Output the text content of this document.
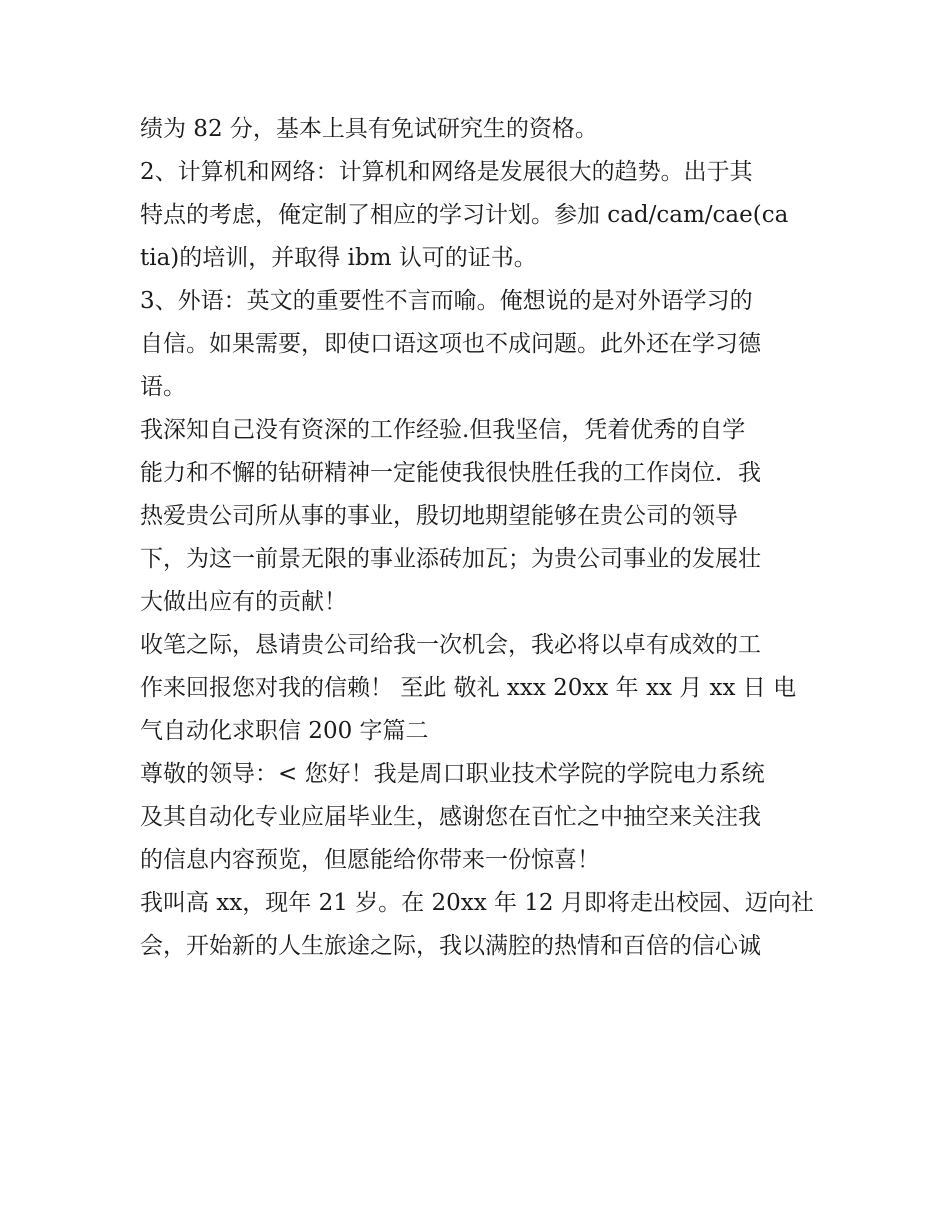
绩为 82 分，基本上具有免试研究生的资格。
2、计算机和网络：计算机和网络是发展很大的趋势。出于其
特点的考虑，俺定制了相应的学习计划。参加 cad/cam/cae(ca
tia)的培训，并取得 ibm 认可的证书。
3、外语：英文的重要性不言而喻。俺想说的是对外语学习的
自信。如果需要，即使口语这项也不成问题。此外还在学习德
语。
我深知自己没有资深的工作经验.但我坚信，凭着优秀的自学
能力和不懈的钻研精神一定能使我很快胜任我的工作岗位．我
热爱贵公司所从事的事业，殷切地期望能够在贵公司的领导
下，为这一前景无限的事业添砖加瓦；为贵公司事业的发展壮
大做出应有的贡献！
收笔之际，恳请贵公司给我一次机会，我必将以卓有成效的工
作来回报您对我的信赖！ 至此 敬礼 xxx 20xx 年 xx 月 xx 日 电
气自动化求职信 200 字篇二
尊敬的领导：< 您好！我是周口职业技术学院的学院电力系统
及其自动化专业应届毕业生，感谢您在百忙之中抽空来关注我
的信息内容预览，但愿能给你带来一份惊喜！
我叫高 xx，现年 21 岁。在 20xx 年 12 月即将走出校园、迈向社
会，开始新的人生旅途之际，我以满腔的热情和百倍的信心诚
